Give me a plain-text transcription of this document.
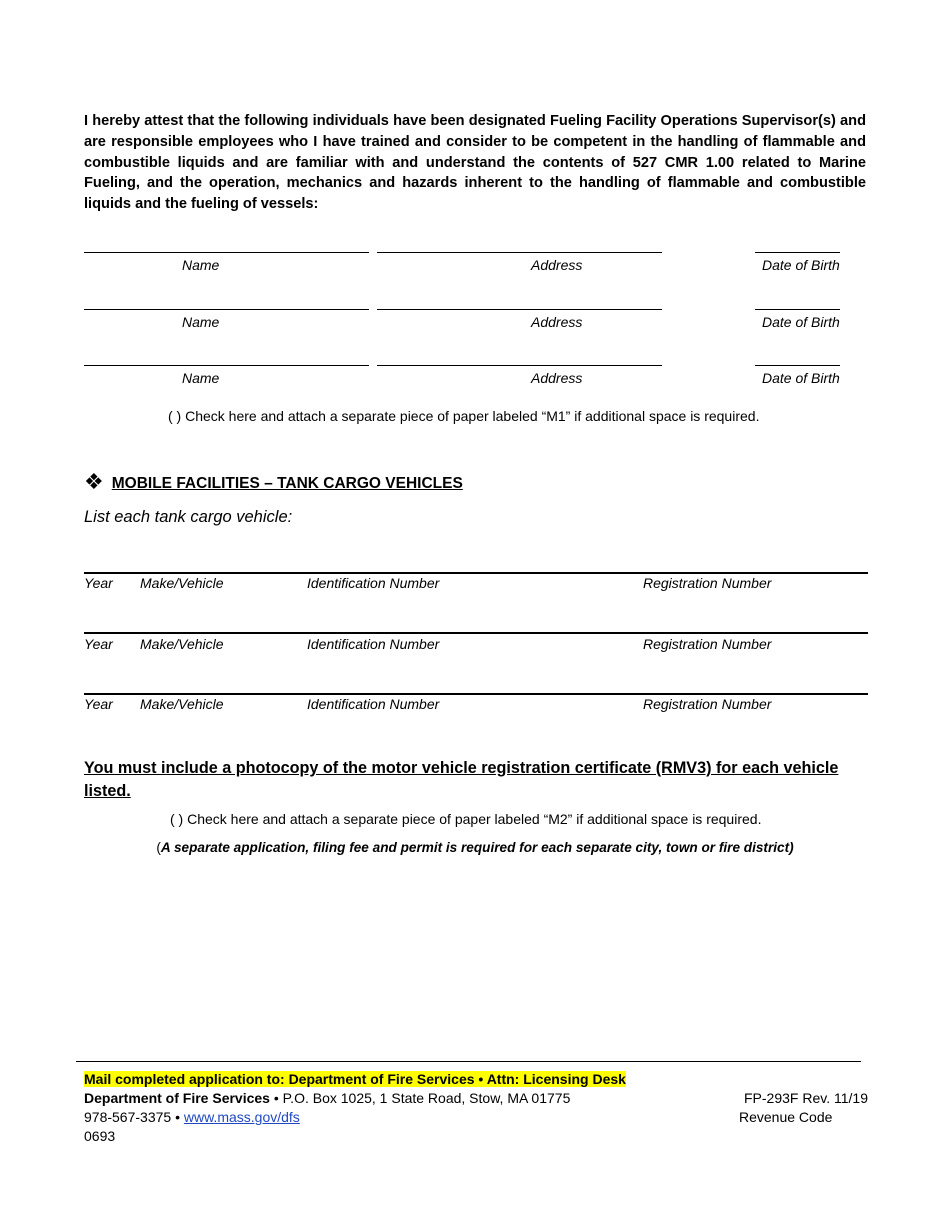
I hereby attest that the following individuals have been designated Fueling Facility Operations Supervisor(s) and are responsible employees who I have trained and consider to be competent in the handling of flammable and combustible liquids and are familiar with and understand the contents of 527 CMR 1.00 related to Marine Fueling, and the operation, mechanics and hazards inherent to the handling of flammable and combustible liquids and the fueling of vessels:
Name	Address	Date of Birth
Name	Address	Date of Birth
Name	Address	Date of Birth
( ) Check here and attach a separate piece of paper labeled “M1” if additional space is required.
❖ MOBILE FACILITIES – TANK CARGO VEHICLES
List each tank cargo vehicle:
Year Make/Vehicle	Identification Number	Registration Number
Year Make/Vehicle	Identification Number	Registration Number
Year Make/Vehicle	Identification Number	Registration Number
You must include a photocopy of the motor vehicle registration certificate (RMV3) for each vehicle listed.
( ) Check here and attach a separate piece of paper labeled “M2” if additional space is required.
(A separate application, filing fee and permit is required for each separate city, town or fire district)
Mail completed application to: Department of Fire Services • Attn: Licensing Desk
Department of Fire Services • P.O. Box 1025, 1 State Road, Stow, MA 01775
978-567-3375 • www.mass.gov/dfs
0693
FP-293F Rev. 11/19
Revenue Code
